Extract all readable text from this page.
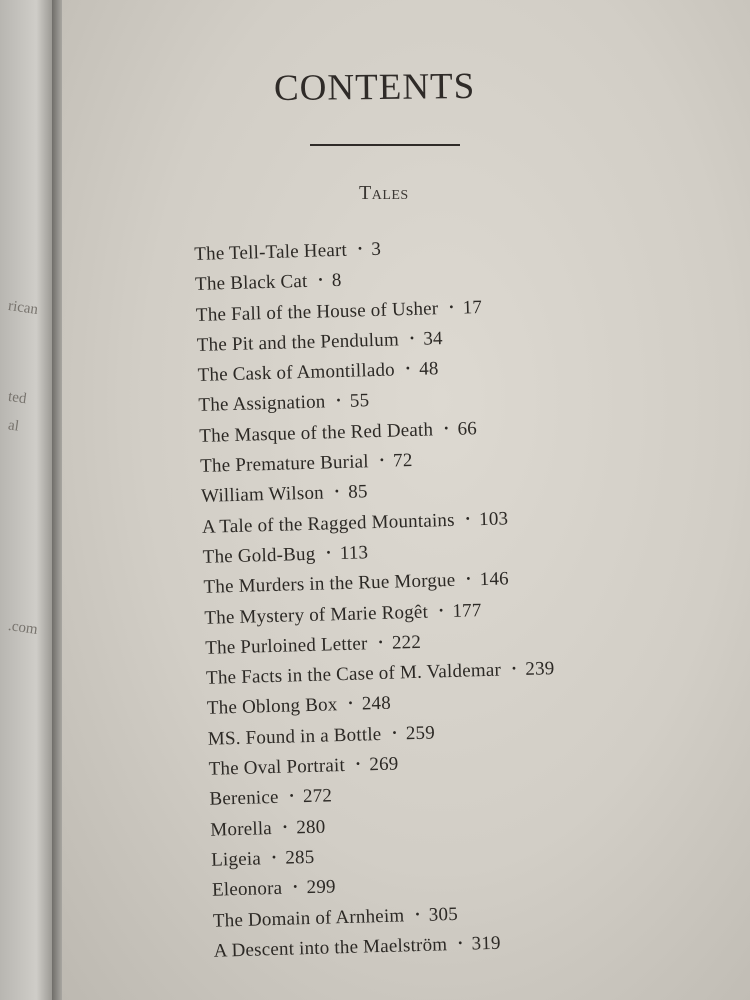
rican
ted
al
.com
CONTENTS
Tales
The Tell-Tale Heart • 3
The Black Cat • 8
The Fall of the House of Usher • 17
The Pit and the Pendulum • 34
The Cask of Amontillado • 48
The Assignation • 55
The Masque of the Red Death • 66
The Premature Burial • 72
William Wilson • 85
A Tale of the Ragged Mountains • 103
The Gold-Bug • 113
The Murders in the Rue Morgue • 146
The Mystery of Marie Rogêt • 177
The Purloined Letter • 222
The Facts in the Case of M. Valdemar • 239
The Oblong Box • 248
MS. Found in a Bottle • 259
The Oval Portrait • 269
Berenice • 272
Morella • 280
Ligeia • 285
Eleonora • 299
The Domain of Arnheim • 305
A Descent into the Maelström • 319
